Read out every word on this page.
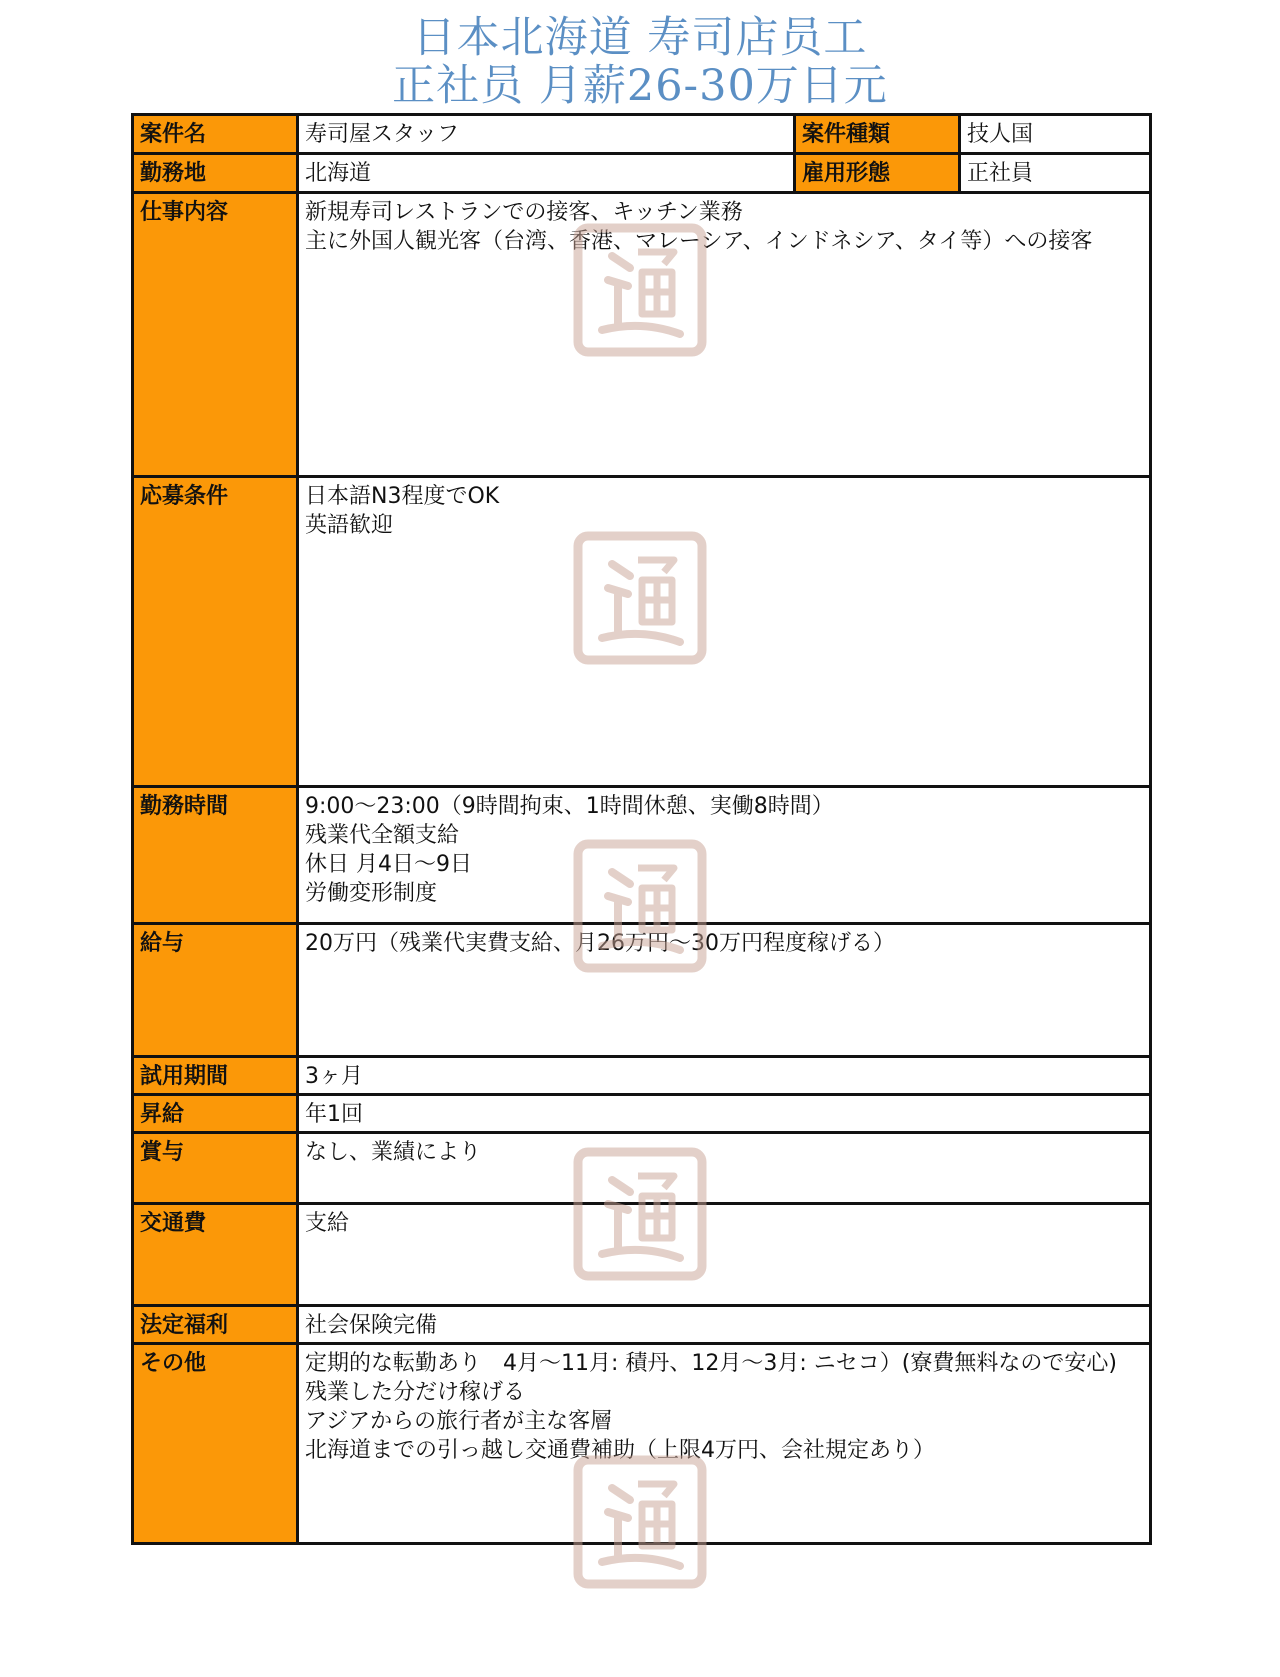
日本北海道 寿司店员工
正社员 月薪26-30万日元
案件名	寿司屋スタッフ	案件種類	技人国
勤務地	北海道	雇用形態	正社員
仕事内容	新規寿司レストランでの接客、キッチン業務
主に外国人観光客（台湾、香港、マレーシア、インドネシア、タイ等）への接客		

応募条件	日本語N3程度でOK
英語歓迎		

勤務時間	9:00～23:00（9時間拘束、1時間休憩、実働8時間）
残業代全額支給
休日 月4日～9日
労働変形制度		

給与	20万円（残業代実費支給、月26万円～30万円程度稼げる）		

試用期間	3ヶ月		

昇給	年1回		

賞与	なし、業績により		

交通費	支給		

法定福利	社会保険完備		

その他	定期的な転勤あり　4月～11月: 積丹、12月～3月: ニセコ）(寮費無料なので安心)
残業した分だけ稼げる
アジアからの旅行者が主な客層
北海道までの引っ越し交通費補助（上限4万円、会社規定あり）		
